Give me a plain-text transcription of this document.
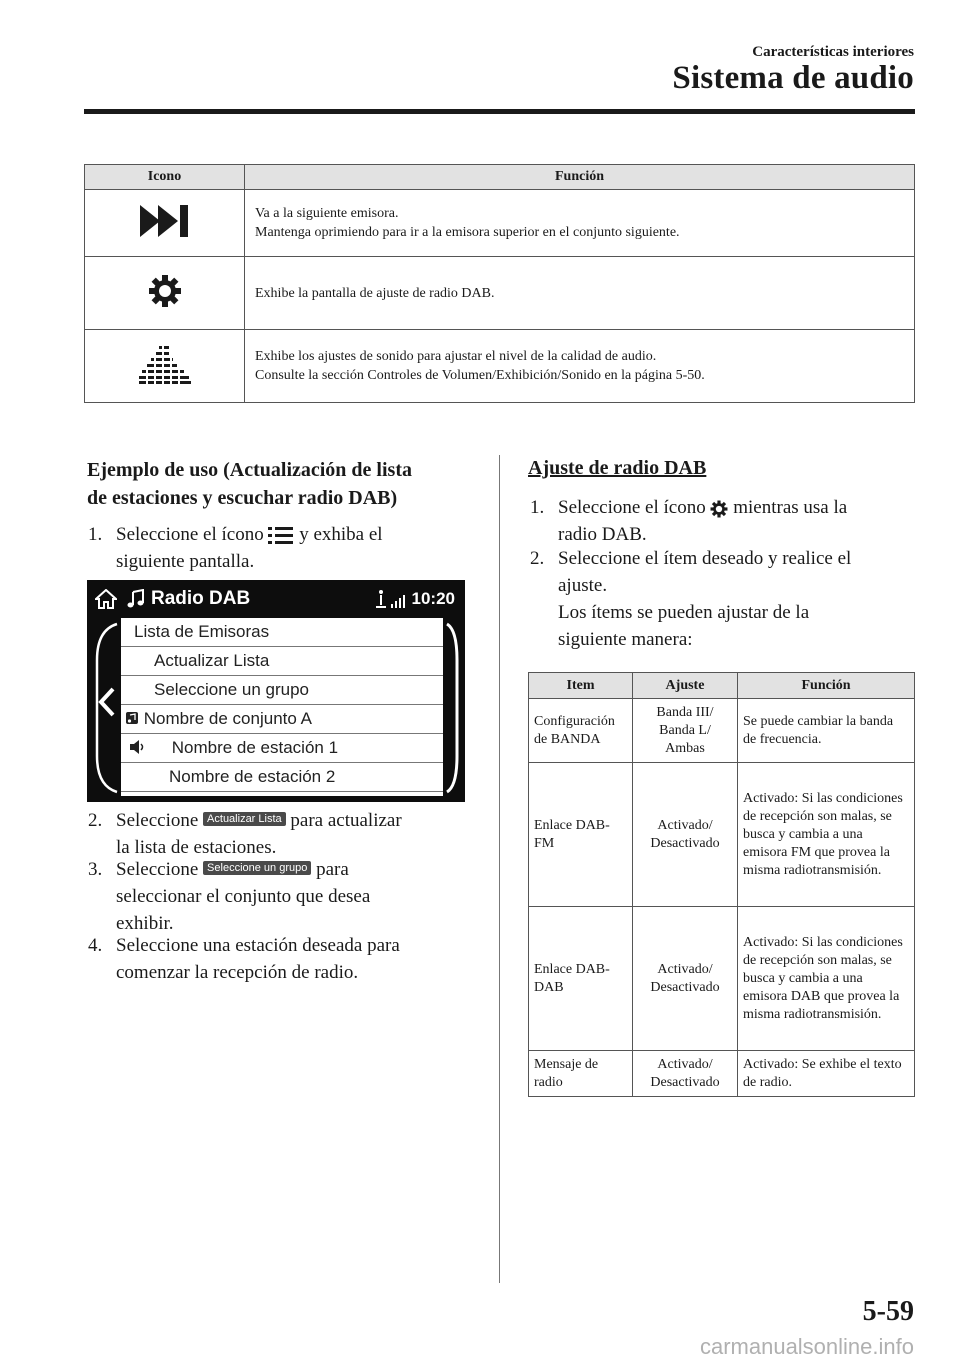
Características interiores
Sistema de audio
Icono	Función

Va a la siguiente emisora.
Mantenga oprimiendo para ir a la emisora superior en el conjunto siguiente.

Exhibe la pantalla de ajuste de radio DAB.

Exhibe los ajustes de sonido para ajustar el nivel de la calidad de audio.
Consulte la sección Controles de Volumen/Exhibición/Sonido en la página 5-50.
Ejemplo de uso (Actualización de lista
de estaciones y escuchar radio DAB)
1. Seleccione el ícono y exhiba el
siguiente pantalla.
Radio DAB	10:20
Lista de Emisoras
Actualizar Lista
Seleccione un grupo
Nombre de conjunto A
Nombre de estación 1
Nombre de estación 2
2. Seleccione Actualizar Lista para actualizar
la lista de estaciones.
3. Seleccione Seleccione un grupo para
seleccionar el conjunto que desea
exhibir.
4. Seleccione una estación deseada para
comenzar la recepción de radio.
Ajuste de radio DAB
1. Seleccione el ícono mientras usa la
radio DAB.
2. Seleccione el ítem deseado y realice el
ajuste.
Los ítems se pueden ajustar de la
siguiente manera:
Item	Ajuste	Función
Configuración de BANDA	Banda III/ Banda L/ Ambas	Se puede cambiar la banda de frecuencia.
Enlace DAB-FM	Activado/ Desactivado	Activado: Si las condiciones de recepción son malas, se busca y cambia a una emisora FM que provea la misma radiotransmisión.
Enlace DAB-DAB	Activado/ Desactivado	Activado: Si las condiciones de recepción son malas, se busca y cambia a una emisora DAB que provea la misma radiotransmisión.
Mensaje de radio	Activado/ Desactivado	Activado: Se exhibe el texto de radio.
5-59
carmanualsonline.info
